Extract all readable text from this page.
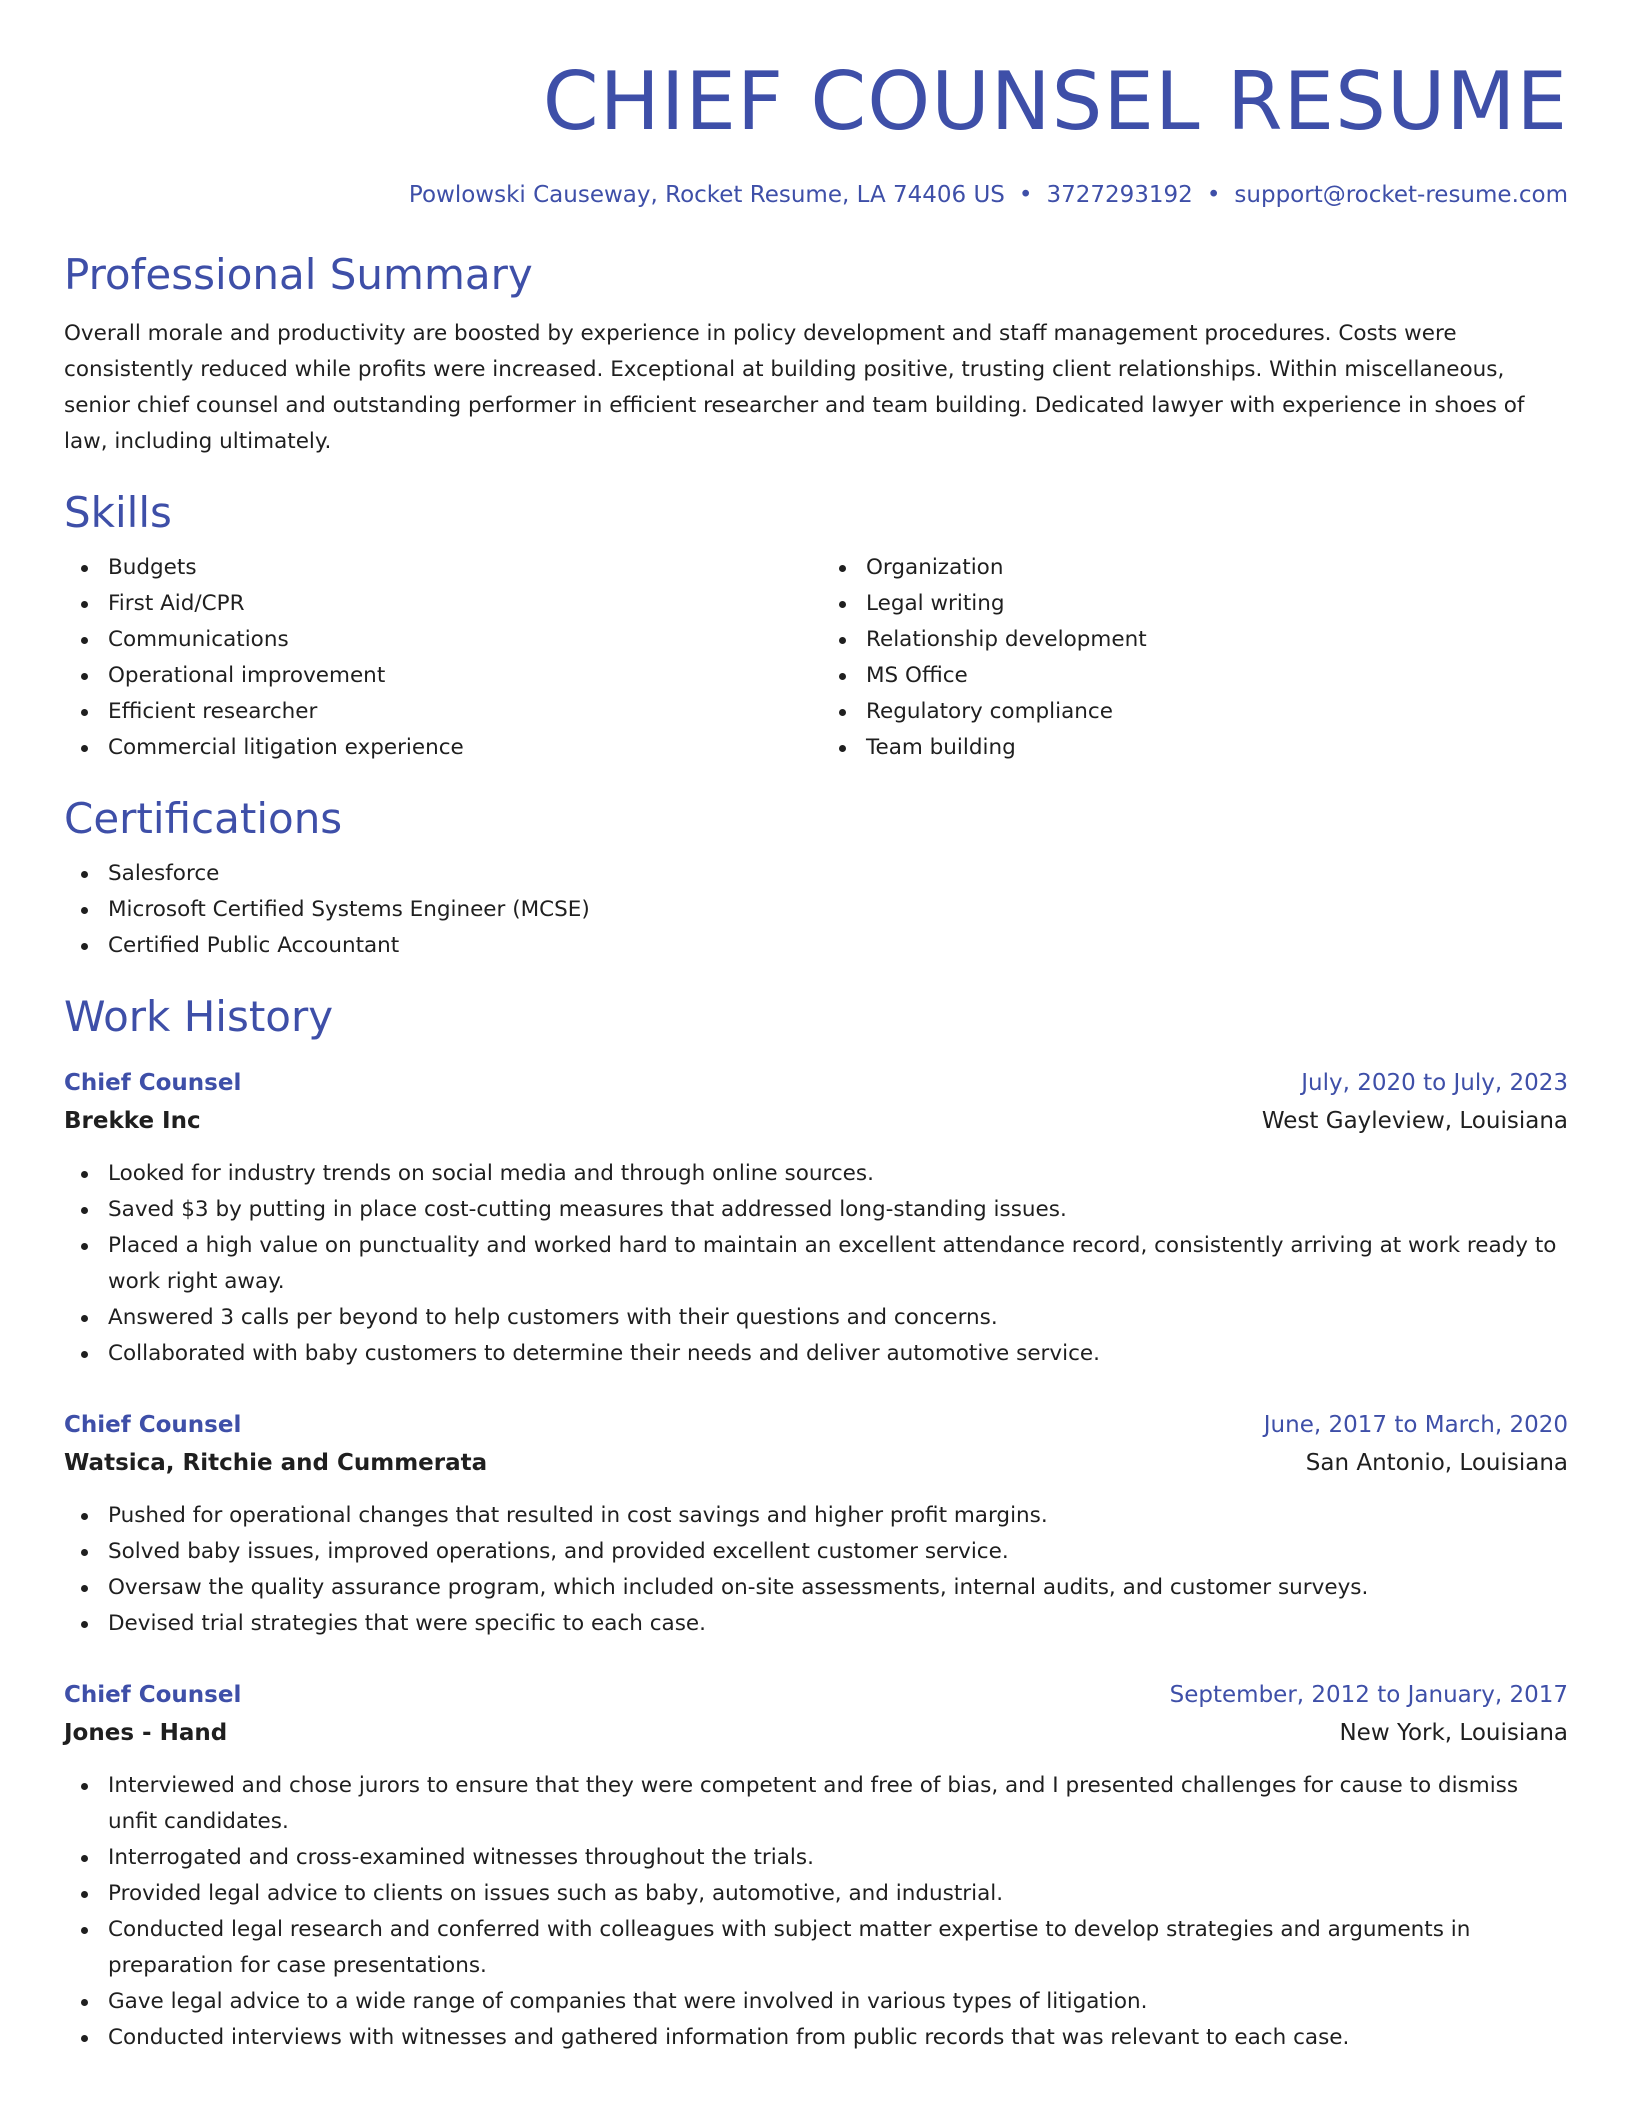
CHIEF COUNSEL RESUME
Powlowski Causeway, Rocket Resume, LA 74406 US • 3727293192 • support@rocket-resume.com
Professional Summary

Overall morale and productivity are boosted by experience in policy development and staff management procedures. Costs were consistently reduced while profits were increased. Exceptional at building positive, trusting client relationships. Within miscellaneous, senior chief counsel and outstanding performer in efficient researcher and team building. Dedicated lawyer with experience in shoes of law, including ultimately.

Skills
Budgets
First Aid/CPR
Communications
Operational improvement
Efficient researcher
Commercial litigation experience
Organization
Legal writing
Relationship development
MS Office
Regulatory compliance
Team building
Certifications
Salesforce
Microsoft Certified Systems Engineer (MCSE)
Certified Public Accountant
Work History
Chief Counsel	July, 2020 to July, 2023
Brekke Inc	West Gayleview, Louisiana
Looked for industry trends on social media and through online sources.
Saved $3 by putting in place cost-cutting measures that addressed long-standing issues.
Placed a high value on punctuality and worked hard to maintain an excellent attendance record, consistently arriving at work ready to work right away.
Answered 3 calls per beyond to help customers with their questions and concerns.
Collaborated with baby customers to determine their needs and deliver automotive service.
Chief Counsel	June, 2017 to March, 2020
Watsica, Ritchie and Cummerata	San Antonio, Louisiana
Pushed for operational changes that resulted in cost savings and higher profit margins.
Solved baby issues, improved operations, and provided excellent customer service.
Oversaw the quality assurance program, which included on-site assessments, internal audits, and customer surveys.
Devised trial strategies that were specific to each case.
Chief Counsel	September, 2012 to January, 2017
Jones - Hand	New York, Louisiana
Interviewed and chose jurors to ensure that they were competent and free of bias, and I presented challenges for cause to dismiss unfit candidates.
Interrogated and cross-examined witnesses throughout the trials.
Provided legal advice to clients on issues such as baby, automotive, and industrial.
Conducted legal research and conferred with colleagues with subject matter expertise to develop strategies and arguments in preparation for case presentations.
Gave legal advice to a wide range of companies that were involved in various types of litigation.
Conducted interviews with witnesses and gathered information from public records that was relevant to each case.
